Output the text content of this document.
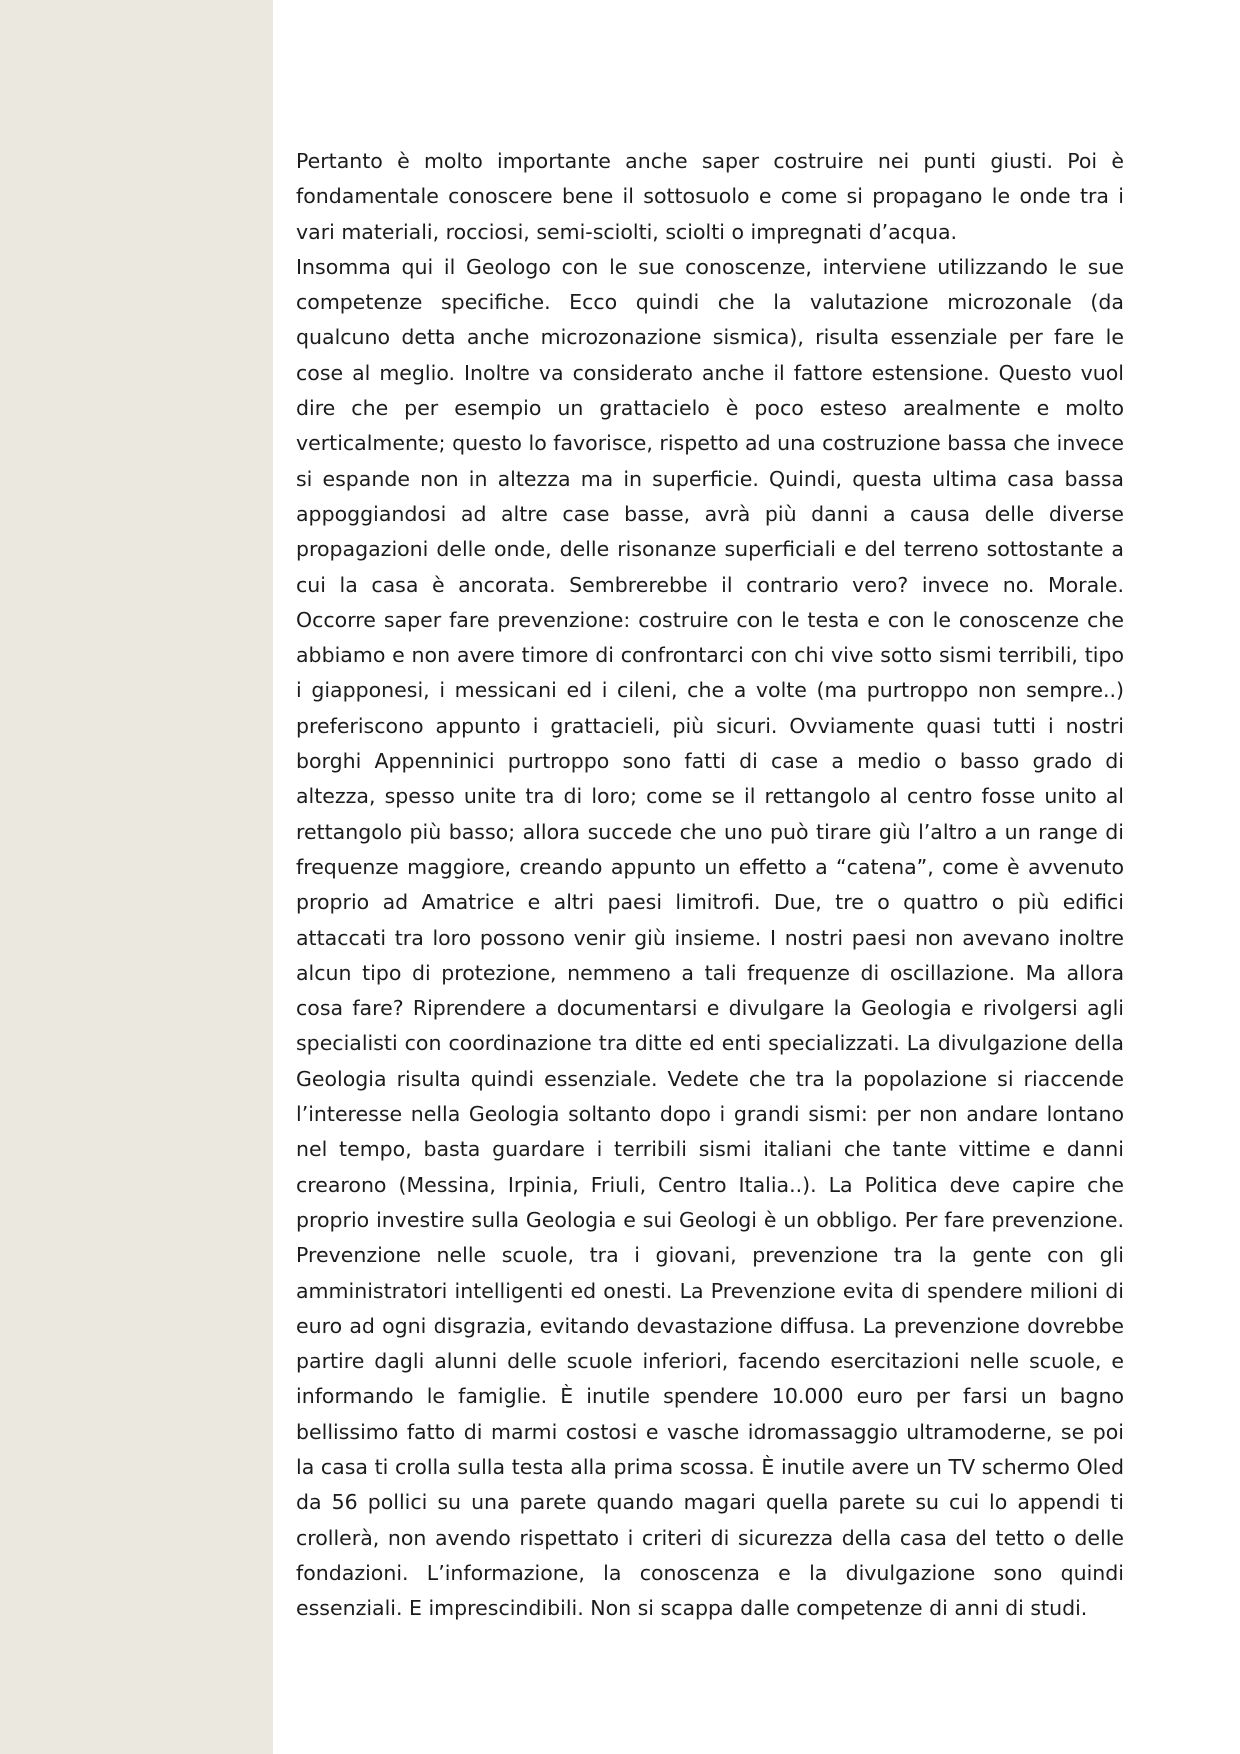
Pertanto è molto importante anche saper costruire nei punti giusti. Poi è fondamentale conoscere bene il sottosuolo e come si propagano le onde tra i vari materiali, rocciosi, semi-sciolti, sciolti o impregnati d’acqua.

Insomma qui il Geologo con le sue conoscenze, interviene utilizzando le sue competenze specifiche. Ecco quindi che la valutazione microzonale (da qualcuno detta anche microzonazione sismica), risulta essenziale per fare le cose al meglio. Inoltre va considerato anche il fattore estensione. Questo vuol dire che per esempio un grattacielo è poco esteso arealmente e molto verticalmente; questo lo favorisce, rispetto ad una costruzione bassa che invece si espande non in altezza ma in superficie. Quindi, questa ultima casa bassa appoggiandosi ad altre case basse, avrà più danni a causa delle diverse propagazioni delle onde, delle risonanze superficiali e del terreno sottostante a cui la casa è ancorata. Sembrerebbe il contrario vero? invece no. Morale. Occorre saper fare prevenzione: costruire con le testa e con le conoscenze che abbiamo e non avere timore di confrontarci con chi vive sotto sismi terribili, tipo i giapponesi, i messicani ed i cileni, che a volte (ma purtroppo non sempre..) preferiscono appunto i grattacieli, più sicuri. Ovviamente quasi tutti i nostri borghi Appenninici purtroppo sono fatti di case a medio o basso grado di altezza, spesso unite tra di loro; come se il rettangolo al centro fosse unito al rettangolo più basso; allora succede che uno può tirare giù l’altro a un range di frequenze maggiore, creando appunto un effetto a “catena”, come è avvenuto proprio ad Amatrice e altri paesi limitrofi. Due, tre o quattro o più edifici attaccati tra loro possono venir giù insieme. I nostri paesi non avevano inoltre alcun tipo di protezione, nemmeno a tali frequenze di oscillazione. Ma allora cosa fare? Riprendere a documentarsi e divulgare la Geologia e rivolgersi agli specialisti con coordinazione tra ditte ed enti specializzati. La divulgazione della Geologia risulta quindi essenziale. Vedete che tra la popolazione si riaccende l’interesse nella Geologia soltanto dopo i grandi sismi: per non andare lontano nel tempo, basta guardare i terribili sismi italiani che tante vittime e danni crearono (Messina, Irpinia, Friuli, Centro Italia..). La Politica deve capire che proprio investire sulla Geologia e sui Geologi è un obbligo. Per fare prevenzione. Prevenzione nelle scuole, tra i giovani, prevenzione tra la gente con gli amministratori intelligenti ed onesti. La Prevenzione evita di spendere milioni di euro ad ogni disgrazia, evitando devastazione diffusa. La prevenzione dovrebbe partire dagli alunni delle scuole inferiori, facendo esercitazioni nelle scuole, e informando le famiglie. È inutile spendere 10.000 euro per farsi un bagno bellissimo fatto di marmi costosi e vasche idromassaggio ultramoderne, se poi la casa ti crolla sulla testa alla prima scossa. È inutile avere un TV schermo Oled da 56 pollici su una parete quando magari quella parete su cui lo appendi ti crollerà, non avendo rispettato i criteri di sicurezza della casa del tetto o delle fondazioni. L’informazione, la conoscenza e la divulgazione sono quindi essenziali. E imprescindibili. Non si scappa dalle competenze di anni di studi.
